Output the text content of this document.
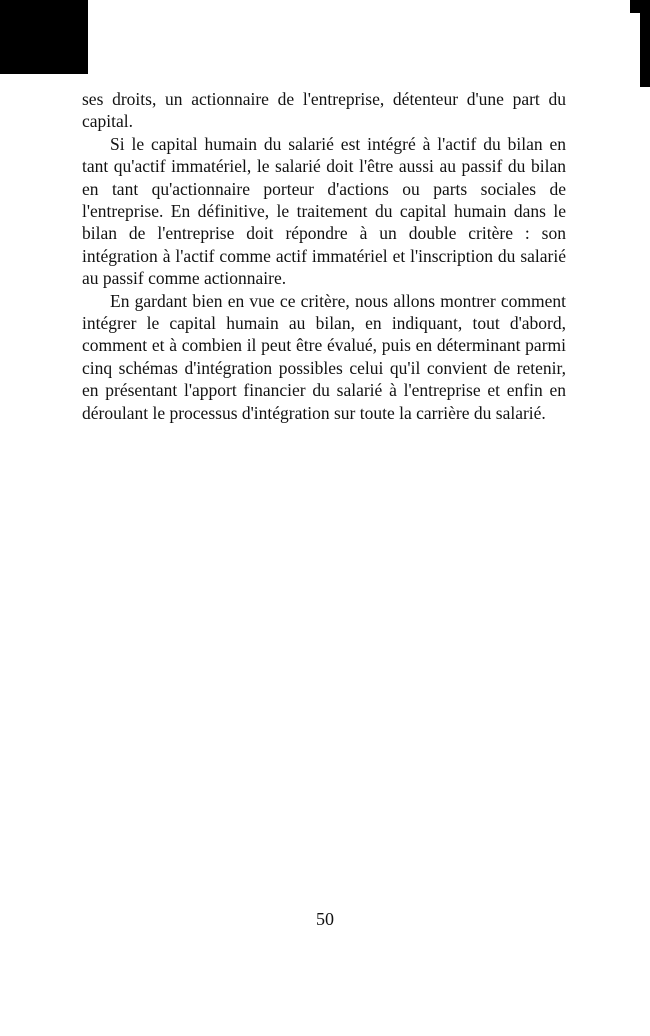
ses droits, un actionnaire de l'entreprise, détenteur d'une part du capital.

Si le capital humain du salarié est intégré à l'actif du bilan en tant qu'actif immatériel, le salarié doit l'être aussi au passif du bilan en tant qu'actionnaire porteur d'actions ou parts sociales de l'entreprise. En définitive, le traitement du capital humain dans le bilan de l'entreprise doit répondre à un double critère : son intégration à l'actif comme actif immatériel et l'inscription du salarié au passif comme actionnaire.

En gardant bien en vue ce critère, nous allons montrer comment intégrer le capital humain au bilan, en indiquant, tout d'abord, comment et à combien il peut être évalué, puis en déterminant parmi cinq schémas d'intégration possibles celui qu'il convient de retenir, en présentant l'apport financier du salarié à l'entreprise et enfin en déroulant le processus d'intégration sur toute la carrière du salarié.

50
